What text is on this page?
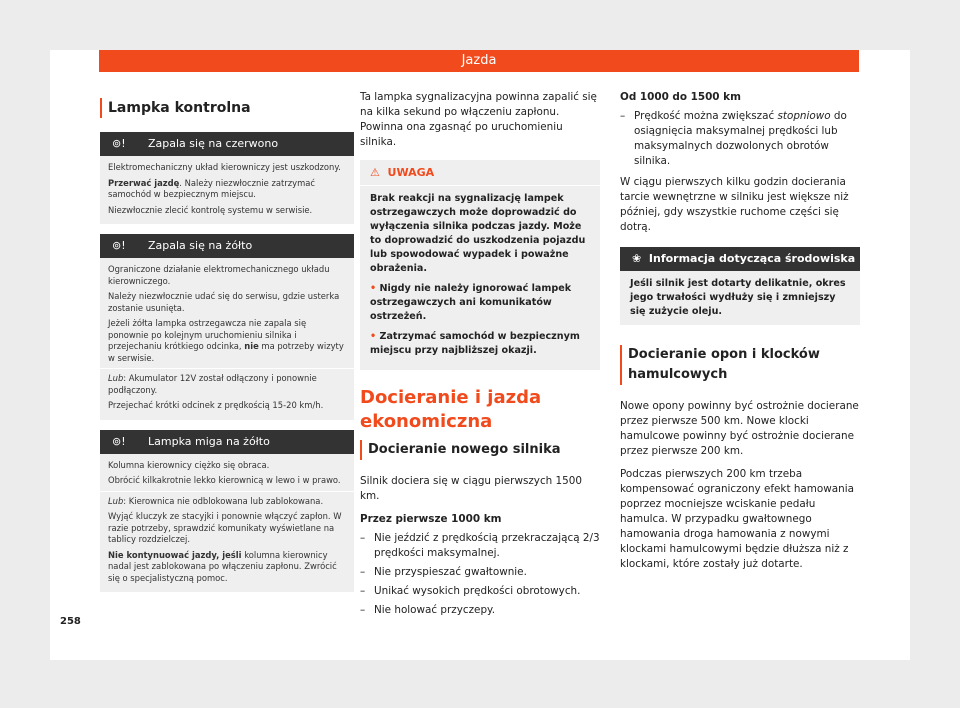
Jazda
Lampka kontrolna
⊚! Zapala się na czerwono

Elektromechaniczny układ kierowniczy jest uszkodzony.

Przerwać jazdę. Należy niezwłocznie zatrzymać samochód w bezpiecznym miejscu.

Niezwłocznie zlecić kontrolę systemu w serwisie.

⊚! Zapala się na żółto

Ograniczone działanie elektromechanicznego układu kierowniczego.

Należy niezwłocznie udać się do serwisu, gdzie usterka zostanie usunięta.

Jeżeli żółta lampka ostrzegawcza nie zapala się ponownie po kolejnym uruchomieniu silnika i przejechaniu krótkiego odcinka, nie ma potrzeby wizyty w serwisie.

Lub: Akumulator 12V został odłączony i ponownie podłączony.

Przejechać krótki odcinek z prędkością 15-20 km/h.

⊚! Lampka miga na żółto

Kolumna kierownicy ciężko się obraca.

Obrócić kilkakrotnie lekko kierownicą w lewo i w prawo.

Lub: Kierownica nie odblokowana lub zablokowana.

Wyjąć kluczyk ze stacyjki i ponownie włączyć zapłon. W razie potrzeby, sprawdzić komunikaty wyświetlane na tablicy rozdzielczej.

Nie kontynuować jazdy, jeśli kolumna kierownicy nadal jest zablokowana po włączeniu zapłonu. Zwrócić się o specjalistyczną pomoc.

Ta lampka sygnalizacyjna powinna zapalić się na kilka sekund po włączeniu zapłonu. Powinna ona zgasnąć po uruchomieniu silnika.

⚠ UWAGA

Brak reakcji na sygnalizację lampek ostrzegawczych może doprowadzić do wyłączenia silnika podczas jazdy. Może to doprowadzić do uszkodzenia pojazdu lub spowodować wypadek i poważne obrażenia.

• Nigdy nie należy ignorować lampek ostrzegawczych ani komunikatów ostrzeżeń.

• Zatrzymać samochód w bezpiecznym miejscu przy najbliższej okazji.

Docieranie i jazda ekonomiczna
Docieranie nowego silnika

Silnik dociera się w ciągu pierwszych 1500 km.

Przez pierwsze 1000 km

– Nie jeździć z prędkością przekraczającą 2/3 prędkości maksymalnej.
– Nie przyspieszać gwałtownie.
– Unikać wysokich prędkości obrotowych.
– Nie holować przyczepy.

Od 1000 do 1500 km

– Prędkość można zwiększać stopniowo do osiągnięcia maksymalnej prędkości lub maksymalnych dozwolonych obrotów silnika.

W ciągu pierwszych kilku godzin docierania tarcie wewnętrzne w silniku jest większe niż później, gdy wszystkie ruchome części się dotrą.

❀ Informacja dotycząca środowiska
Jeśli silnik jest dotarty delikatnie, okres jego trwałości wydłuży się i zmniejszy się zużycie oleju.
Docieranie opon i klocków hamulcowych

Nowe opony powinny być ostrożnie docierane przez pierwsze 500 km. Nowe klocki hamulcowe powinny być ostrożnie docierane przez pierwsze 200 km.

Podczas pierwszych 200 km trzeba kompensować ograniczony efekt hamowania poprzez mocniejsze wciskanie pedału hamulca. W przypadku gwałtownego hamowania droga hamowania z nowymi klockami hamulcowymi będzie dłuższa niż z klockami, które zostały już dotarte.

258
